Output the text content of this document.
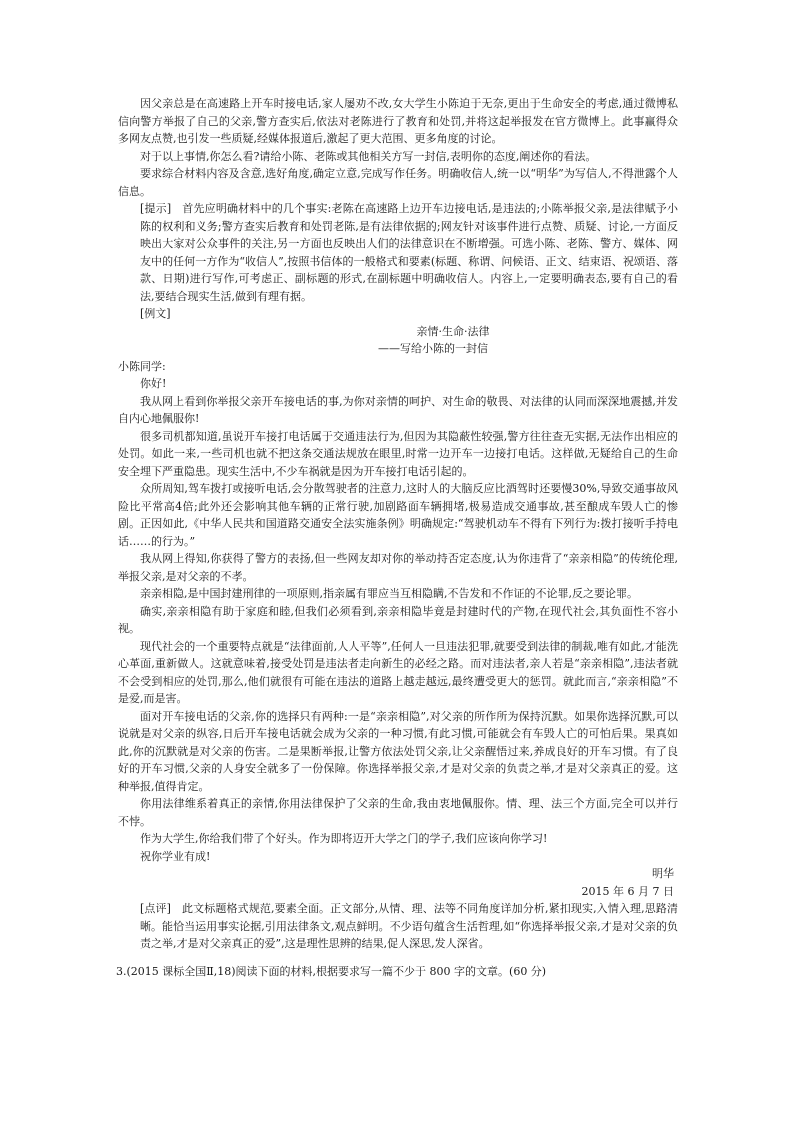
因父亲总是在高速路上开车时接电话,家人屡劝不改,女大学生小陈迫于无奈,更出于生命安全的考虑,通过微博私信向警方举报了自己的父亲,警方查实后,依法对老陈进行了教育和处罚,并将这起举报发在官方微博上。此事赢得众多网友点赞,也引发一些质疑,经媒体报道后,激起了更大范围、更多角度的讨论。

对于以上事情,你怎么看?请给小陈、老陈或其他相关方写一封信,表明你的态度,阐述你的看法。

要求综合材料内容及含意,选好角度,确定立意,完成写作任务。明确收信人,统一以“明华”为写信人,不得泄露个人信息。

[提示]  首先应明确材料中的几个事实:老陈在高速路上边开车边接电话,是违法的;小陈举报父亲,是法律赋予小陈的权利和义务;警方查实后教育和处罚老陈,是有法律依据的;网友针对该事件进行点赞、质疑、讨论,一方面反映出大家对公众事件的关注,另一方面也反映出人们的法律意识在不断增强。可选小陈、老陈、警方、媒体、网友中的任何一方作为“收信人”,按照书信体的一般格式和要素(标题、称谓、问候语、正文、结束语、祝颂语、落款、日期)进行写作,可考虑正、副标题的形式,在副标题中明确收信人。内容上,一定要明确表态,要有自己的看法,要结合现实生活,做到有理有据。

[例文]

亲情·生命·法律

——写给小陈的一封信

小陈同学:

你好!

我从网上看到你举报父亲开车接电话的事,为你对亲情的呵护、对生命的敬畏、对法律的认同而深深地震撼,并发自内心地佩服你!

很多司机都知道,虽说开车接打电话属于交通违法行为,但因为其隐蔽性较强,警方往往查无实据,无法作出相应的处罚。如此一来,一些司机也就不把这条交通法规放在眼里,时常一边开车一边接打电话。这样做,无疑给自己的生命安全埋下严重隐患。现实生活中,不少车祸就是因为开车接打电话引起的。

众所周知,驾车拨打或接听电话,会分散驾驶者的注意力,这时人的大脑反应比酒驾时还要慢30%,导致交通事故风险比平常高4倍;此外还会影响其他车辆的正常行驶,加剧路面车辆拥堵,极易造成交通事故,甚至酿成车毁人亡的惨剧。正因如此,《中华人民共和国道路交通安全法实施条例》明确规定:“驾驶机动车不得有下列行为:拨打接听手持电话……的行为。”

我从网上得知,你获得了警方的表扬,但一些网友却对你的举动持否定态度,认为你违背了“亲亲相隐”的传统伦理,举报父亲,是对父亲的不孝。

亲亲相隐,是中国封建刑律的一项原则,指亲属有罪应当互相隐瞒,不告发和不作证的不论罪,反之要论罪。

确实,亲亲相隐有助于家庭和睦,但我们必须看到,亲亲相隐毕竟是封建时代的产物,在现代社会,其负面性不容小视。

现代社会的一个重要特点就是“法律面前,人人平等”,任何人一旦违法犯罪,就要受到法律的制裁,唯有如此,才能洗心革面,重新做人。这就意味着,接受处罚是违法者走向新生的必经之路。而对违法者,亲人若是“亲亲相隐”,违法者就不会受到相应的处罚,那么,他们就很有可能在违法的道路上越走越远,最终遭受更大的惩罚。就此而言,“亲亲相隐”不是爱,而是害。

面对开车接电话的父亲,你的选择只有两种:一是“亲亲相隐”,对父亲的所作所为保持沉默。如果你选择沉默,可以说就是对父亲的纵容,日后开车接电话就会成为父亲的一种习惯,有此习惯,可能就会有车毁人亡的可怕后果。果真如此,你的沉默就是对父亲的伤害。二是果断举报,让警方依法处罚父亲,让父亲醒悟过来,养成良好的开车习惯。有了良好的开车习惯,父亲的人身安全就多了一份保障。你选择举报父亲,才是对父亲的负责之举,才是对父亲真正的爱。这种举报,值得肯定。

你用法律维系着真正的亲情,你用法律保护了父亲的生命,我由衷地佩服你。情、理、法三个方面,完全可以并行不悖。

作为大学生,你给我们带了个好头。作为即将迈开大学之门的学子,我们应该向你学习!

祝你学业有成!

明华

2015 年 6 月 7 日

[点评]  此文标题格式规范,要素全面。正文部分,从情、理、法等不同角度详加分析,紧扣现实,入情入理,思路清晰。能恰当运用事实论据,引用法律条文,观点鲜明。不少语句蕴含生活哲理,如“你选择举报父亲,才是对父亲的负责之举,才是对父亲真正的爱”,这是理性思辨的结果,促人深思,发人深省。

3.(2015 课标全国Ⅱ,18)阅读下面的材料,根据要求写一篇不少于 800 字的文章。(60 分)
